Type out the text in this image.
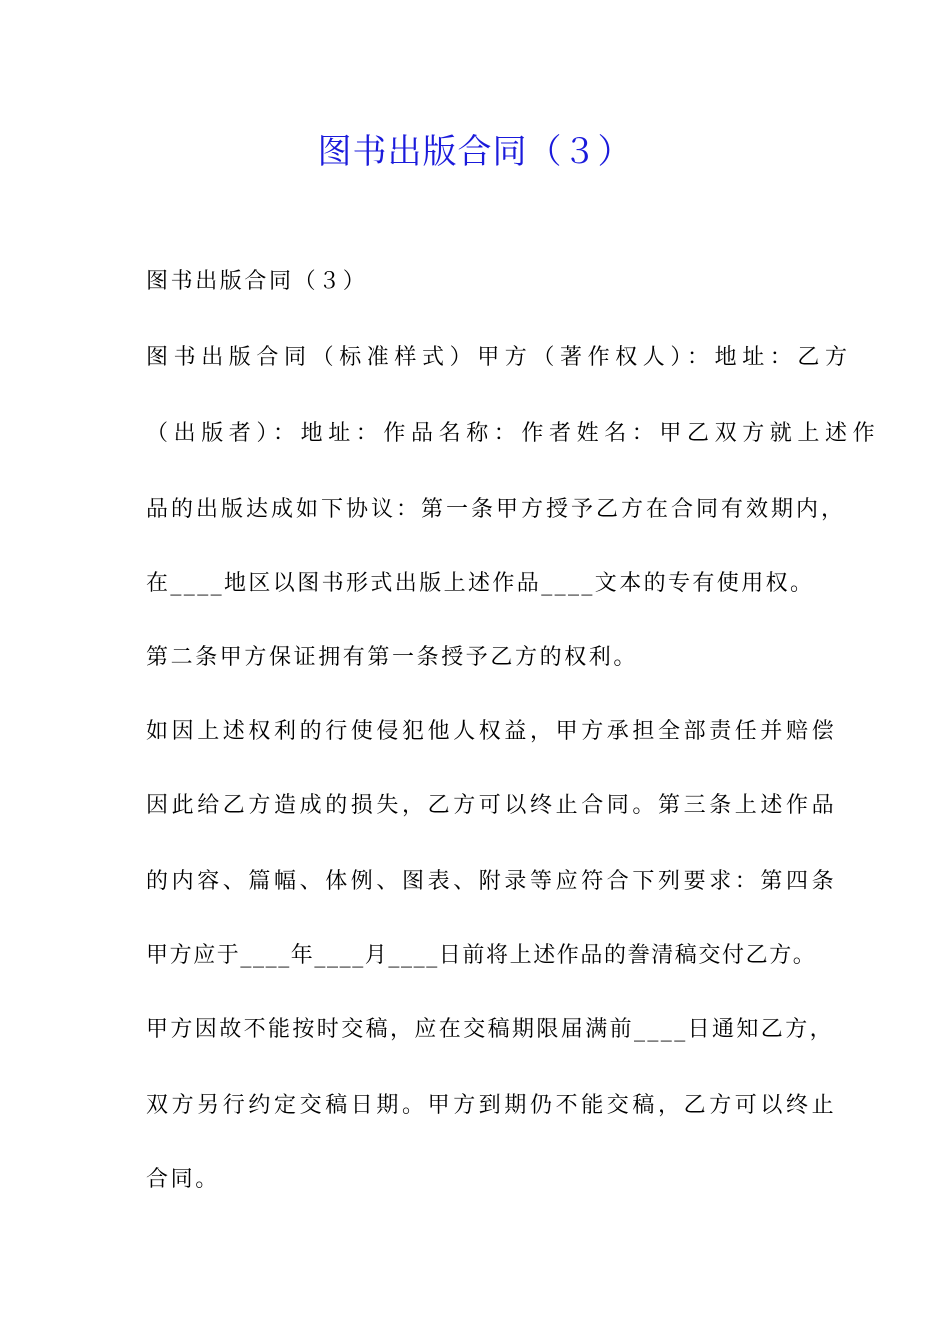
图书出版合同（３）

图书出版合同（３）

图书出版合同（标准样式）甲方（著作权人）：地址：乙方

（出版者）：地址：作品名称：作者姓名：甲乙双方就上述作

品的出版达成如下协议：第一条甲方授予乙方在合同有效期内，

在____地区以图书形式出版上述作品____文本的专有使用权。

第二条甲方保证拥有第一条授予乙方的权利。

如因上述权利的行使侵犯他人权益，甲方承担全部责任并赔偿

因此给乙方造成的损失，乙方可以终止合同。第三条上述作品

的内容、篇幅、体例、图表、附录等应符合下列要求：第四条

甲方应于____年____月____日前将上述作品的誊清稿交付乙方。

甲方因故不能按时交稿，应在交稿期限届满前____日通知乙方，

双方另行约定交稿日期。甲方到期仍不能交稿，乙方可以终止

合同。
